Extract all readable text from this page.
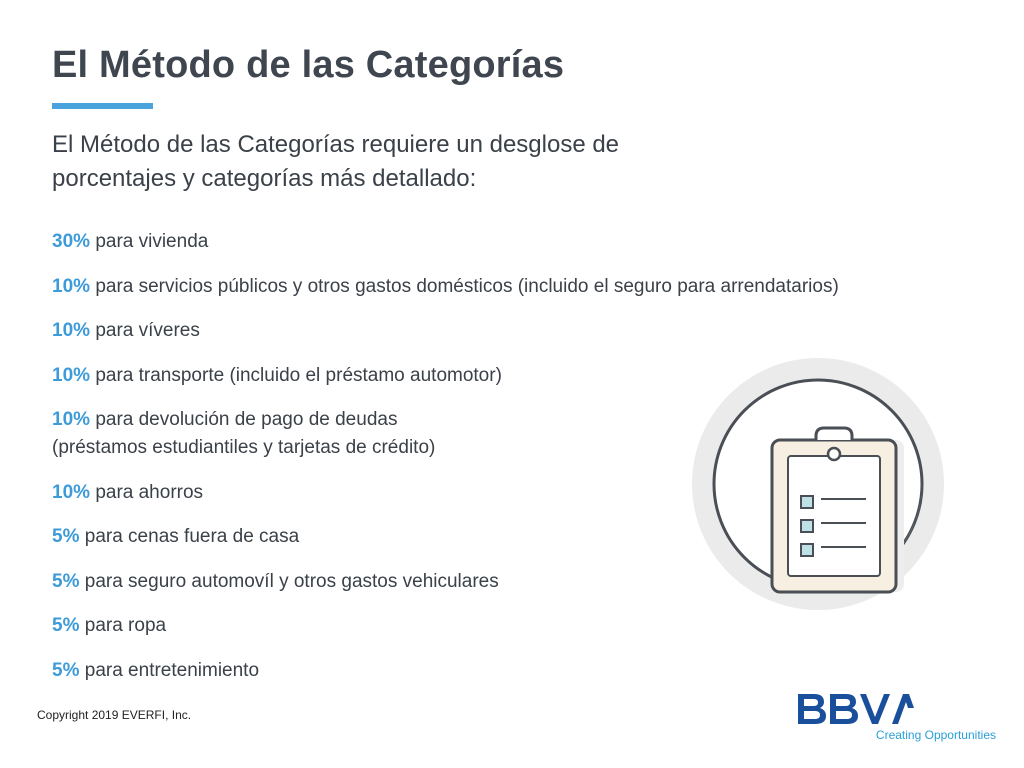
El Método de las Categorías

El Método de las Categorías requiere un desglose de porcentajes y categorías más detallado:

30% para vivienda
10% para servicios públicos y otros gastos domésticos (incluido el seguro para arrendatarios)
10% para víveres
10% para transporte (incluido el préstamo automotor)
10% para devolución de pago de deudas
(préstamos estudiantiles y tarjetas de crédito)
10% para ahorros
5% para cenas fuera de casa
5% para seguro automovíl y otros gastos vehiculares
5% para ropa
5% para entretenimiento
Copyright 2019 EVERFI, Inc.
Creating Opportunities
